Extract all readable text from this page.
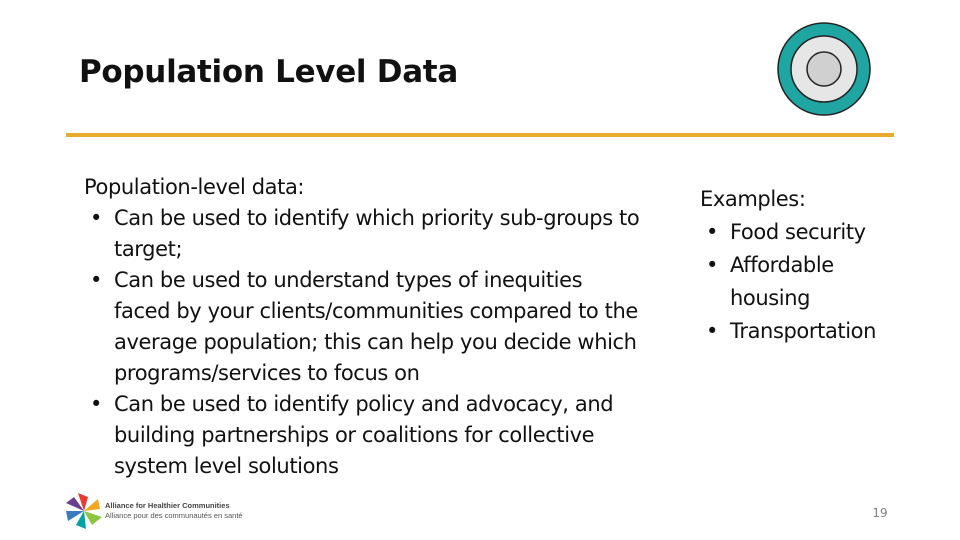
Population Level Data
Population-level data:
• Can be used to identify which priority sub-groups to target;
• Can be used to understand types of inequities faced by your clients/communities compared to the average population; this can help you decide which programs/services to focus on
• Can be used to identify policy and advocacy, and building partnerships or coalitions for collective system level solutions
Examples:
• Food security
• Affordable housing
• Transportation
Alliance for Healthier Communities
Alliance pour des communautés en santé	19
